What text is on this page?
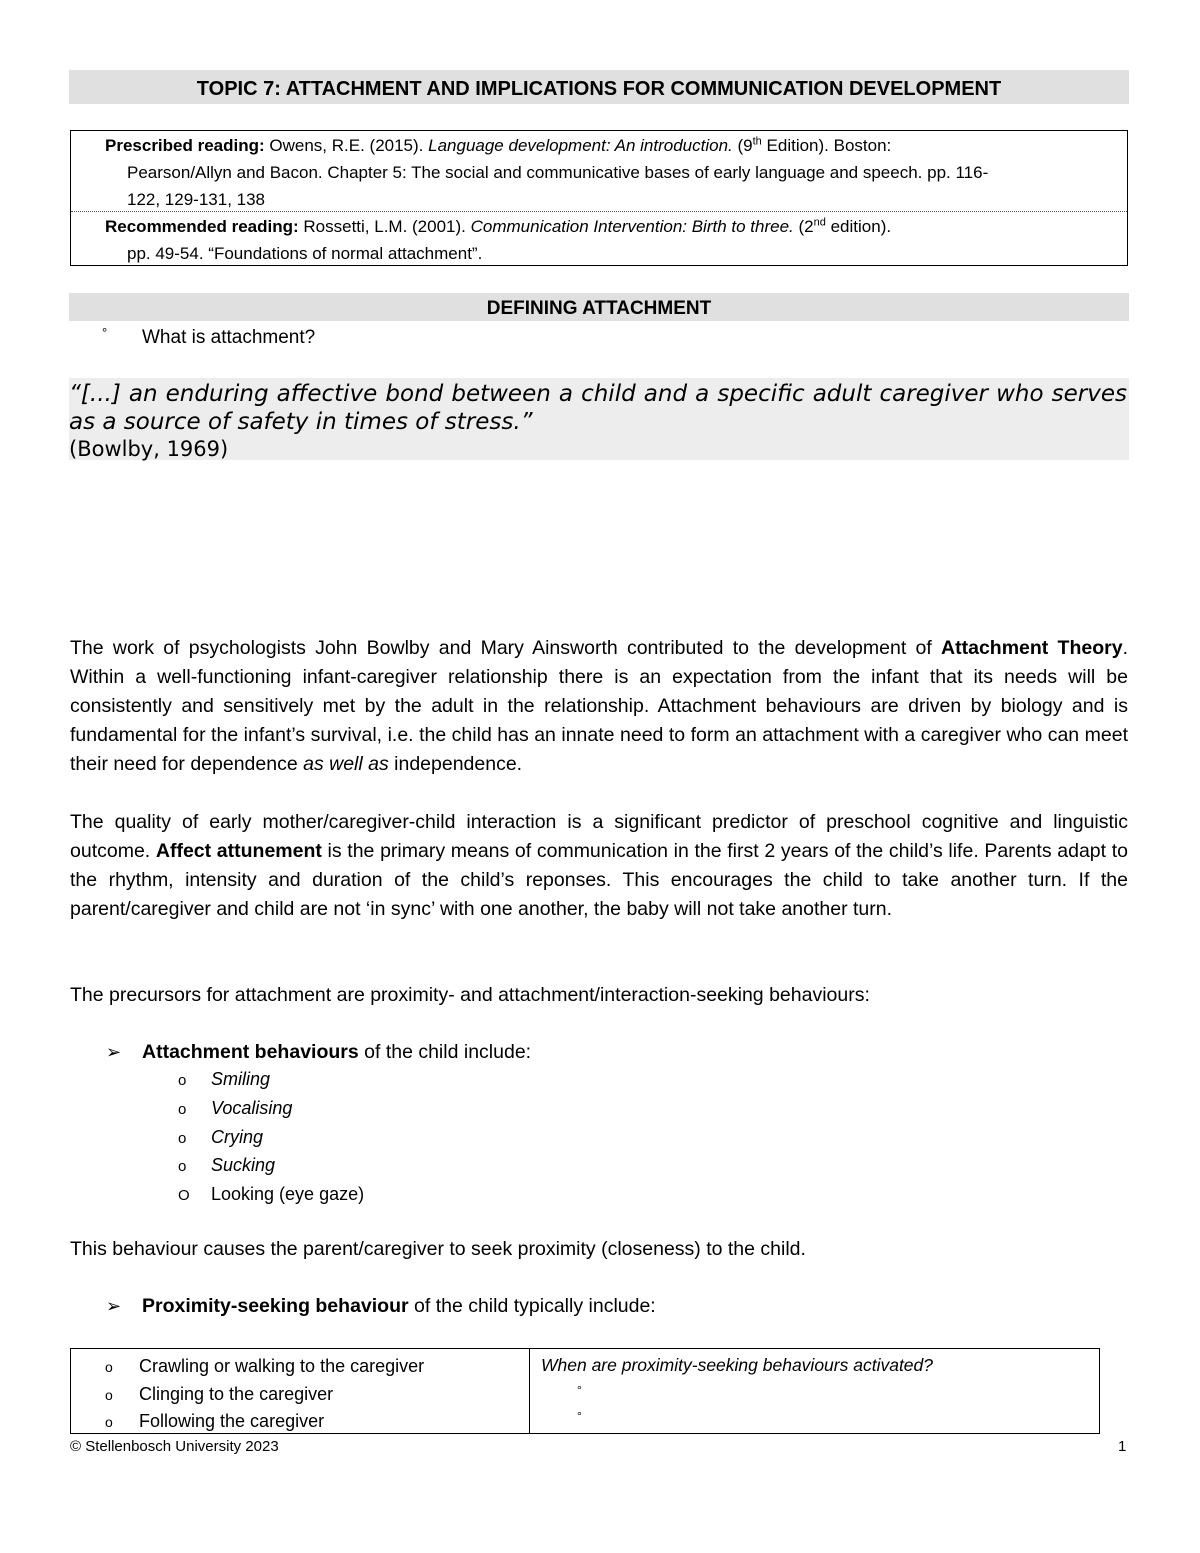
TOPIC 7: ATTACHMENT AND IMPLICATIONS FOR COMMUNICATION DEVELOPMENT
Prescribed reading: Owens, R.E. (2015). Language development: An introduction. (9th Edition). Boston:
Pearson/Allyn and Bacon. Chapter 5: The social and communicative bases of early language and speech. pp. 116-
122, 129-131, 138
Recommended reading: Rossetti, L.M. (2001). Communication Intervention: Birth to three. (2nd edition).
pp. 49-54. “Foundations of normal attachment”.
DEFINING ATTACHMENT
° What is attachment?
“[...] an enduring affective bond between a child and a specific adult caregiver who serves as a source of safety in times of stress.”
(Bowlby, 1969)
The work of psychologists John Bowlby and Mary Ainsworth contributed to the development of Attachment Theory. Within a well-functioning infant-caregiver relationship there is an expectation from the infant that its needs will be consistently and sensitively met by the adult in the relationship. Attachment behaviours are driven by biology and is fundamental for the infant’s survival, i.e. the child has an innate need to form an attachment with a caregiver who can meet their need for dependence as well as independence.
The quality of early mother/caregiver-child interaction is a significant predictor of preschool cognitive and linguistic outcome. Affect attunement is the primary means of communication in the first 2 years of the child’s life. Parents adapt to the rhythm, intensity and duration of the child’s reponses. This encourages the child to take another turn. If the parent/caregiver and child are not ‘in sync’ with one another, the baby will not take another turn.
The precursors for attachment are proximity- and attachment/interaction-seeking behaviours:
➢ Attachment behaviours of the child include:
o Smiling
o Vocalising
o Crying
o Sucking
O Looking (eye gaze)
This behaviour causes the parent/caregiver to seek proximity (closeness) to the child.
➢ Proximity-seeking behaviour of the child typically include:
o Crawling or walking to the caregiver
o Clinging to the caregiver
o Following the caregiver
When are proximity-seeking behaviours activated?
°
°
© Stellenbosch University 2023	1
